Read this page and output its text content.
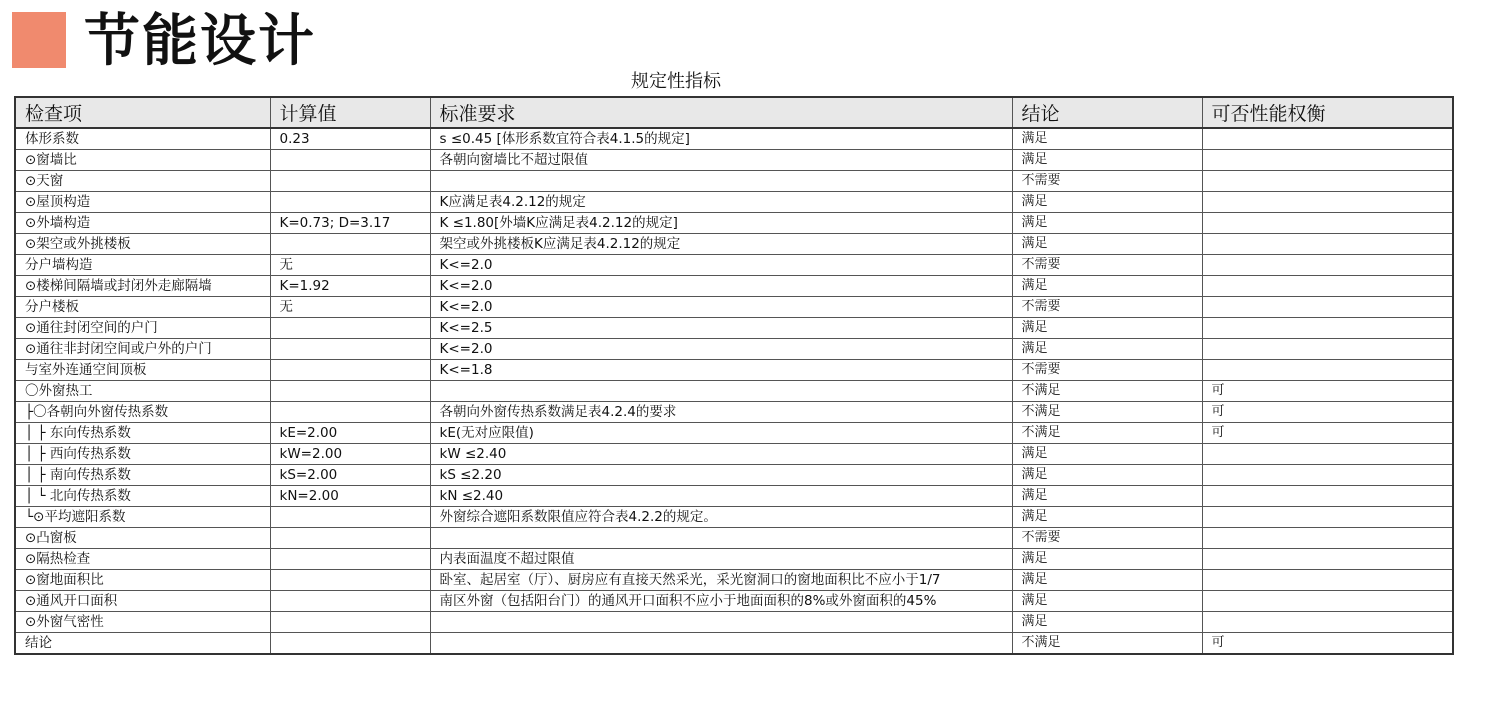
节能设计
规定性指标
检查项	计算值	标准要求	结论	可否性能权衡
体形系数	0.23	s ≤0.45 [体形系数宜符合表4.1.5的规定]	满足	
⊙窗墙比		各朝向窗墙比不超过限值	满足	
⊙天窗			不需要	
⊙屋顶构造		K应满足表4.2.12的规定	满足	
⊙外墙构造	K=0.73; D=3.17	K ≤1.80[外墙K应满足表4.2.12的规定]	满足	
⊙架空或外挑楼板		架空或外挑楼板K应满足表4.2.12的规定	满足	
分户墙构造	无	K<=2.0	不需要	
⊙楼梯间隔墙或封闭外走廊隔墙	K=1.92	K<=2.0	满足	
分户楼板	无	K<=2.0	不需要	
⊙通往封闭空间的户门		K<=2.5	满足	
⊙通往非封闭空间或户外的户门		K<=2.0	满足	
与室外连通空间顶板		K<=1.8	不需要	
〇外窗热工			不满足	可
├〇各朝向外窗传热系数		各朝向外窗传热系数满足表4.2.4的要求	不满足	可
│ ├ 东向传热系数	kE=2.00	kE(无对应限值)	不满足	可
│ ├ 西向传热系数	kW=2.00	kW ≤2.40	满足	
│ ├ 南向传热系数	kS=2.00	kS ≤2.20	满足	
│ └ 北向传热系数	kN=2.00	kN ≤2.40	满足	
└⊙平均遮阳系数		外窗综合遮阳系数限值应符合表4.2.2的规定。	满足	
⊙凸窗板			不需要	
⊙隔热检查		内表面温度不超过限值	满足	
⊙窗地面积比		卧室、起居室（厅）、厨房应有直接天然采光，采光窗洞口的窗地面积比不应小于1/7	满足	
⊙通风开口面积		南区外窗（包括阳台门）的通风开口面积不应小于地面面积的8%或外窗面积的45%	满足	
⊙外窗气密性			满足	
结论			不满足	可
